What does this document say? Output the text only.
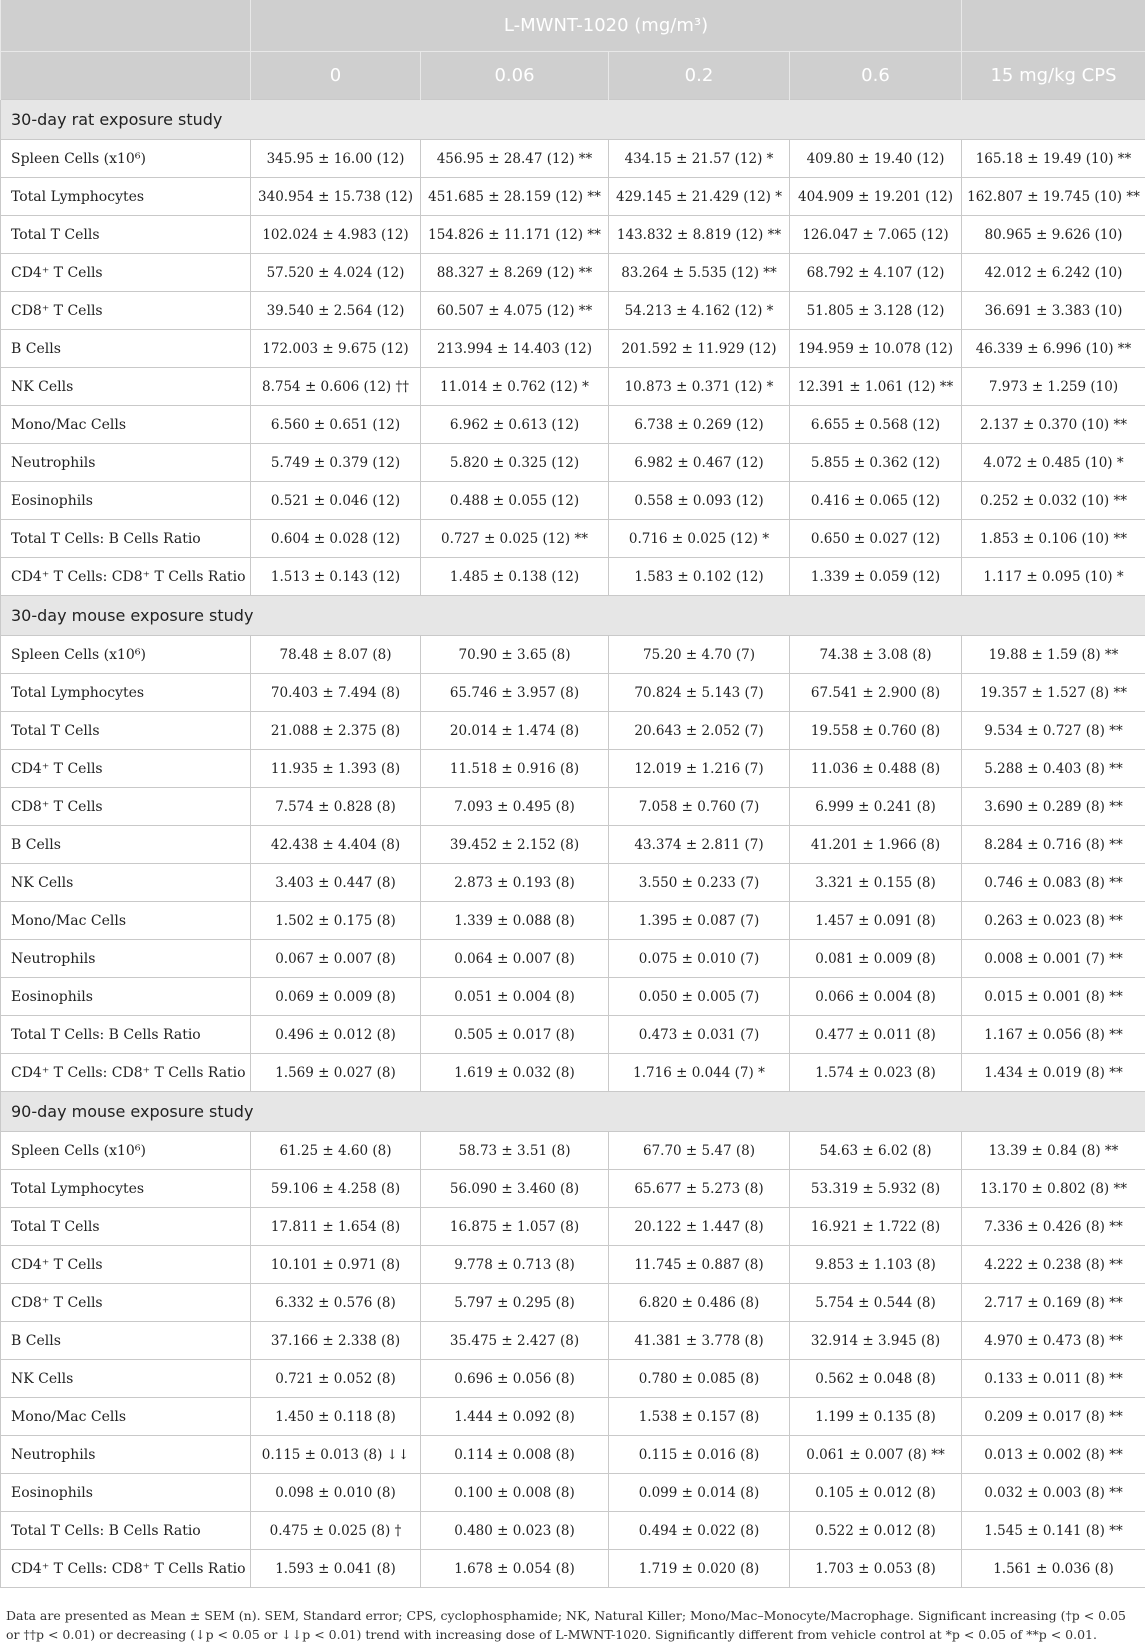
	L-MWNT-1020 (mg/m³)				
	0	0.06	0.2	0.6	15 mg/kg CPS
30-day rat exposure study					
Spleen Cells (x10⁶)	345.95 ± 16.00 (12)	456.95 ± 28.47 (12) **	434.15 ± 21.57 (12) *	409.80 ± 19.40 (12)	165.18 ± 19.49 (10) **
Total Lymphocytes	340.954 ± 15.738 (12)	451.685 ± 28.159 (12) **	429.145 ± 21.429 (12) *	404.909 ± 19.201 (12)	162.807 ± 19.745 (10) **
Total T Cells	102.024 ± 4.983 (12)	154.826 ± 11.171 (12) **	143.832 ± 8.819 (12) **	126.047 ± 7.065 (12)	80.965 ± 9.626 (10)
CD4⁺ T Cells	57.520 ± 4.024 (12)	88.327 ± 8.269 (12) **	83.264 ± 5.535 (12) **	68.792 ± 4.107 (12)	42.012 ± 6.242 (10)
CD8⁺ T Cells	39.540 ± 2.564 (12)	60.507 ± 4.075 (12) **	54.213 ± 4.162 (12) *	51.805 ± 3.128 (12)	36.691 ± 3.383 (10)
B Cells	172.003 ± 9.675 (12)	213.994 ± 14.403 (12)	201.592 ± 11.929 (12)	194.959 ± 10.078 (12)	46.339 ± 6.996 (10) **
NK Cells	8.754 ± 0.606 (12) ††	11.014 ± 0.762 (12) *	10.873 ± 0.371 (12) *	12.391 ± 1.061 (12) **	7.973 ± 1.259 (10)
Mono/Mac Cells	6.560 ± 0.651 (12)	6.962 ± 0.613 (12)	6.738 ± 0.269 (12)	6.655 ± 0.568 (12)	2.137 ± 0.370 (10) **
Neutrophils	5.749 ± 0.379 (12)	5.820 ± 0.325 (12)	6.982 ± 0.467 (12)	5.855 ± 0.362 (12)	4.072 ± 0.485 (10) *
Eosinophils	0.521 ± 0.046 (12)	0.488 ± 0.055 (12)	0.558 ± 0.093 (12)	0.416 ± 0.065 (12)	0.252 ± 0.032 (10) **
Total T Cells: B Cells Ratio	0.604 ± 0.028 (12)	0.727 ± 0.025 (12) **	0.716 ± 0.025 (12) *	0.650 ± 0.027 (12)	1.853 ± 0.106 (10) **
CD4⁺ T Cells: CD8⁺ T Cells Ratio	1.513 ± 0.143 (12)	1.485 ± 0.138 (12)	1.583 ± 0.102 (12)	1.339 ± 0.059 (12)	1.117 ± 0.095 (10) *
30-day mouse exposure study					
Spleen Cells (x10⁶)	78.48 ± 8.07 (8)	70.90 ± 3.65 (8)	75.20 ± 4.70 (7)	74.38 ± 3.08 (8)	19.88 ± 1.59 (8) **
Total Lymphocytes	70.403 ± 7.494 (8)	65.746 ± 3.957 (8)	70.824 ± 5.143 (7)	67.541 ± 2.900 (8)	19.357 ± 1.527 (8) **
Total T Cells	21.088 ± 2.375 (8)	20.014 ± 1.474 (8)	20.643 ± 2.052 (7)	19.558 ± 0.760 (8)	9.534 ± 0.727 (8) **
CD4⁺ T Cells	11.935 ± 1.393 (8)	11.518 ± 0.916 (8)	12.019 ± 1.216 (7)	11.036 ± 0.488 (8)	5.288 ± 0.403 (8) **
CD8⁺ T Cells	7.574 ± 0.828 (8)	7.093 ± 0.495 (8)	7.058 ± 0.760 (7)	6.999 ± 0.241 (8)	3.690 ± 0.289 (8) **
B Cells	42.438 ± 4.404 (8)	39.452 ± 2.152 (8)	43.374 ± 2.811 (7)	41.201 ± 1.966 (8)	8.284 ± 0.716 (8) **
NK Cells	3.403 ± 0.447 (8)	2.873 ± 0.193 (8)	3.550 ± 0.233 (7)	3.321 ± 0.155 (8)	0.746 ± 0.083 (8) **
Mono/Mac Cells	1.502 ± 0.175 (8)	1.339 ± 0.088 (8)	1.395 ± 0.087 (7)	1.457 ± 0.091 (8)	0.263 ± 0.023 (8) **
Neutrophils	0.067 ± 0.007 (8)	0.064 ± 0.007 (8)	0.075 ± 0.010 (7)	0.081 ± 0.009 (8)	0.008 ± 0.001 (7) **
Eosinophils	0.069 ± 0.009 (8)	0.051 ± 0.004 (8)	0.050 ± 0.005 (7)	0.066 ± 0.004 (8)	0.015 ± 0.001 (8) **
Total T Cells: B Cells Ratio	0.496 ± 0.012 (8)	0.505 ± 0.017 (8)	0.473 ± 0.031 (7)	0.477 ± 0.011 (8)	1.167 ± 0.056 (8) **
CD4⁺ T Cells: CD8⁺ T Cells Ratio	1.569 ± 0.027 (8)	1.619 ± 0.032 (8)	1.716 ± 0.044 (7) *	1.574 ± 0.023 (8)	1.434 ± 0.019 (8) **
90-day mouse exposure study					
Spleen Cells (x10⁶)	61.25 ± 4.60 (8)	58.73 ± 3.51 (8)	67.70 ± 5.47 (8)	54.63 ± 6.02 (8)	13.39 ± 0.84 (8) **
Total Lymphocytes	59.106 ± 4.258 (8)	56.090 ± 3.460 (8)	65.677 ± 5.273 (8)	53.319 ± 5.932 (8)	13.170 ± 0.802 (8) **
Total T Cells	17.811 ± 1.654 (8)	16.875 ± 1.057 (8)	20.122 ± 1.447 (8)	16.921 ± 1.722 (8)	7.336 ± 0.426 (8) **
CD4⁺ T Cells	10.101 ± 0.971 (8)	9.778 ± 0.713 (8)	11.745 ± 0.887 (8)	9.853 ± 1.103 (8)	4.222 ± 0.238 (8) **
CD8⁺ T Cells	6.332 ± 0.576 (8)	5.797 ± 0.295 (8)	6.820 ± 0.486 (8)	5.754 ± 0.544 (8)	2.717 ± 0.169 (8) **
B Cells	37.166 ± 2.338 (8)	35.475 ± 2.427 (8)	41.381 ± 3.778 (8)	32.914 ± 3.945 (8)	4.970 ± 0.473 (8) **
NK Cells	0.721 ± 0.052 (8)	0.696 ± 0.056 (8)	0.780 ± 0.085 (8)	0.562 ± 0.048 (8)	0.133 ± 0.011 (8) **
Mono/Mac Cells	1.450 ± 0.118 (8)	1.444 ± 0.092 (8)	1.538 ± 0.157 (8)	1.199 ± 0.135 (8)	0.209 ± 0.017 (8) **
Neutrophils	0.115 ± 0.013 (8) ↓↓	0.114 ± 0.008 (8)	0.115 ± 0.016 (8)	0.061 ± 0.007 (8) **	0.013 ± 0.002 (8) **
Eosinophils	0.098 ± 0.010 (8)	0.100 ± 0.008 (8)	0.099 ± 0.014 (8)	0.105 ± 0.012 (8)	0.032 ± 0.003 (8) **
Total T Cells: B Cells Ratio	0.475 ± 0.025 (8) †	0.480 ± 0.023 (8)	0.494 ± 0.022 (8)	0.522 ± 0.012 (8)	1.545 ± 0.141 (8) **
CD4⁺ T Cells: CD8⁺ T Cells Ratio	1.593 ± 0.041 (8)	1.678 ± 0.054 (8)	1.719 ± 0.020 (8)	1.703 ± 0.053 (8)	1.561 ± 0.036 (8)
Data are presented as Mean ± SEM (n). SEM, Standard error; CPS, cyclophosphamide; NK, Natural Killer; Mono/Mac–Monocyte/Macrophage. Significant increasing (†p < 0.05 or ††p < 0.01) or decreasing (↓p < 0.05 or ↓↓p < 0.01) trend with increasing dose of L-MWNT-1020. Significantly different from vehicle control at *p < 0.05 of **p < 0.01.
